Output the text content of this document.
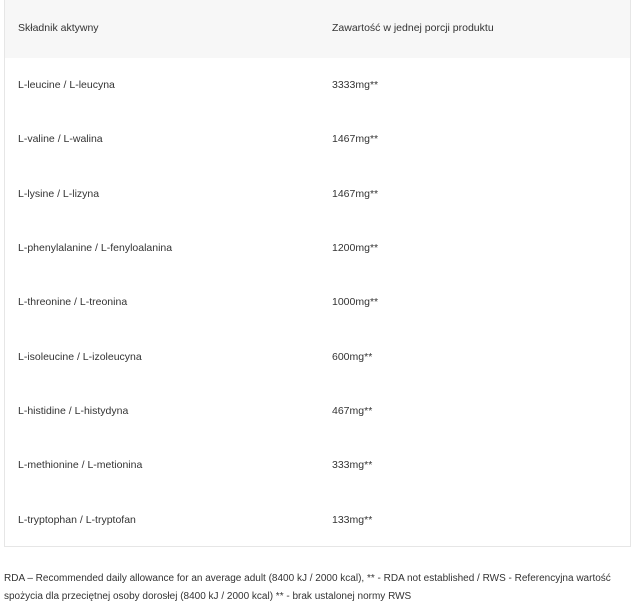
Składnik aktywny	Zawartość w jednej porcji produktu
L-leucine / L-leucyna	3333mg**
L-valine / L-walina	1467mg**
L-lysine / L-lizyna	1467mg**
L-phenylalanine / L-fenyloalanina	1200mg**
L-threonine / L-treonina	1000mg**
L-isoleucine / L-izoleucyna	600mg**
L-histidine / L-histydyna	467mg**
L-methionine / L-metionina	333mg**
L-tryptophan / L-tryptofan	133mg**
RDA – Recommended daily allowance for an average adult (8400 kJ / 2000 kcal), ** - RDA not established / RWS - Referencyjna wartość
spożycia dla przeciętnej osoby dorosłej (8400 kJ / 2000 kcal) ** - brak ustalonej normy RWS
